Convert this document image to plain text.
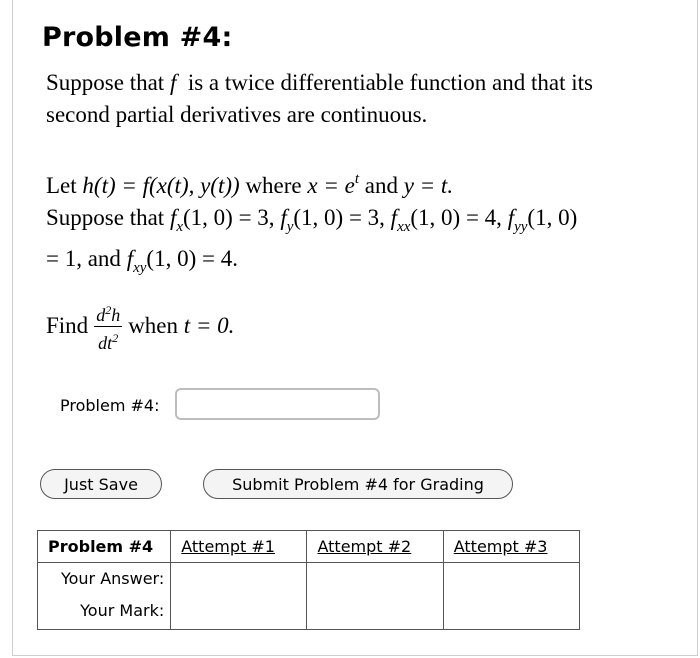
Problem #4:
Suppose that f  is a twice differentiable function and that its
second partial derivatives are continuous.
Let h(t) = f(x(t), y(t)) where $x = e^t$ and y = t.
Suppose that $f_x(1$, 0) = 3, $f_y(1$, 0) = 3, $f_{xx}(1$, 0) = 4, $f_{yy}(1$, 0)
= 1, and $f_{xy}(1$, 0) = 4.
Find $\frac{d^2h}{dt^2}$ when t = 0.
Problem #4:
Just Save	Submit Problem #4 for Grading
Problem #4	Attempt #1	Attempt #2	Attempt #3

Your Answer:
Your Mark:			
